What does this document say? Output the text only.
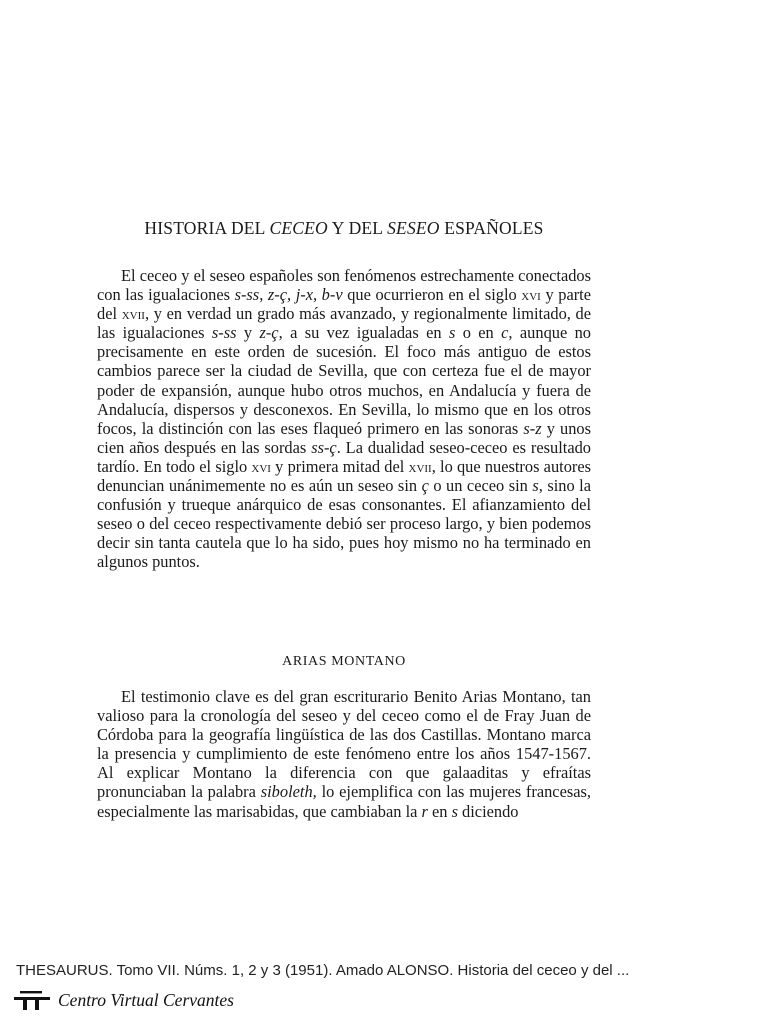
HISTORIA DEL CECEO Y DEL SESEO ESPAÑOLES

El ceceo y el seseo españoles son fenómenos estrechamente conectados con las igualaciones s-ss, z-ç, j-x, b-v que ocurrieron en el siglo xvi y parte del xvii, y en verdad un grado más avanzado, y regionalmente limitado, de las igualaciones s-ss y z-ç, a su vez igualadas en s o en c, aunque no precisamente en este orden de sucesión. El foco más antiguo de estos cambios parece ser la ciudad de Sevilla, que con certeza fue el de mayor poder de expansión, aunque hubo otros muchos, en Andalucía y fuera de Andalucía, dispersos y desconexos. En Sevilla, lo mismo que en los otros focos, la distinción con las eses flaqueó primero en las sonoras s-z y unos cien años después en las sordas ss-ç. La dualidad seseo-ceceo es resultado tardío. En todo el siglo xvi y primera mitad del xvii, lo que nuestros autores denuncian unánimemente no es aún un seseo sin ç o un ceceo sin s, sino la confusión y trueque anárquico de esas consonantes. El afianzamiento del seseo o del ceceo respectivamente debió ser proceso largo, y bien podemos decir sin tanta cautela que lo ha sido, pues hoy mismo no ha terminado en algunos puntos.

ARIAS MONTANO

El testimonio clave es del gran escriturario Benito Arias Montano, tan valioso para la cronología del seseo y del ceceo como el de Fray Juan de Córdoba para la geografía lingüística de las dos Castillas. Montano marca la presencia y cumplimiento de este fenómeno entre los años 1547-1567. Al explicar Montano la diferencia con que galaaditas y efraítas pronunciaban la palabra siboleth, lo ejemplifica con las mujeres francesas, especialmente las marisabidas, que cambiaban la r en s diciendo

THESAURUS. Tomo VII. Núms. 1, 2 y 3 (1951). Amado ALONSO. Historia del ceceo y del ...
Centro Virtual Cervantes
